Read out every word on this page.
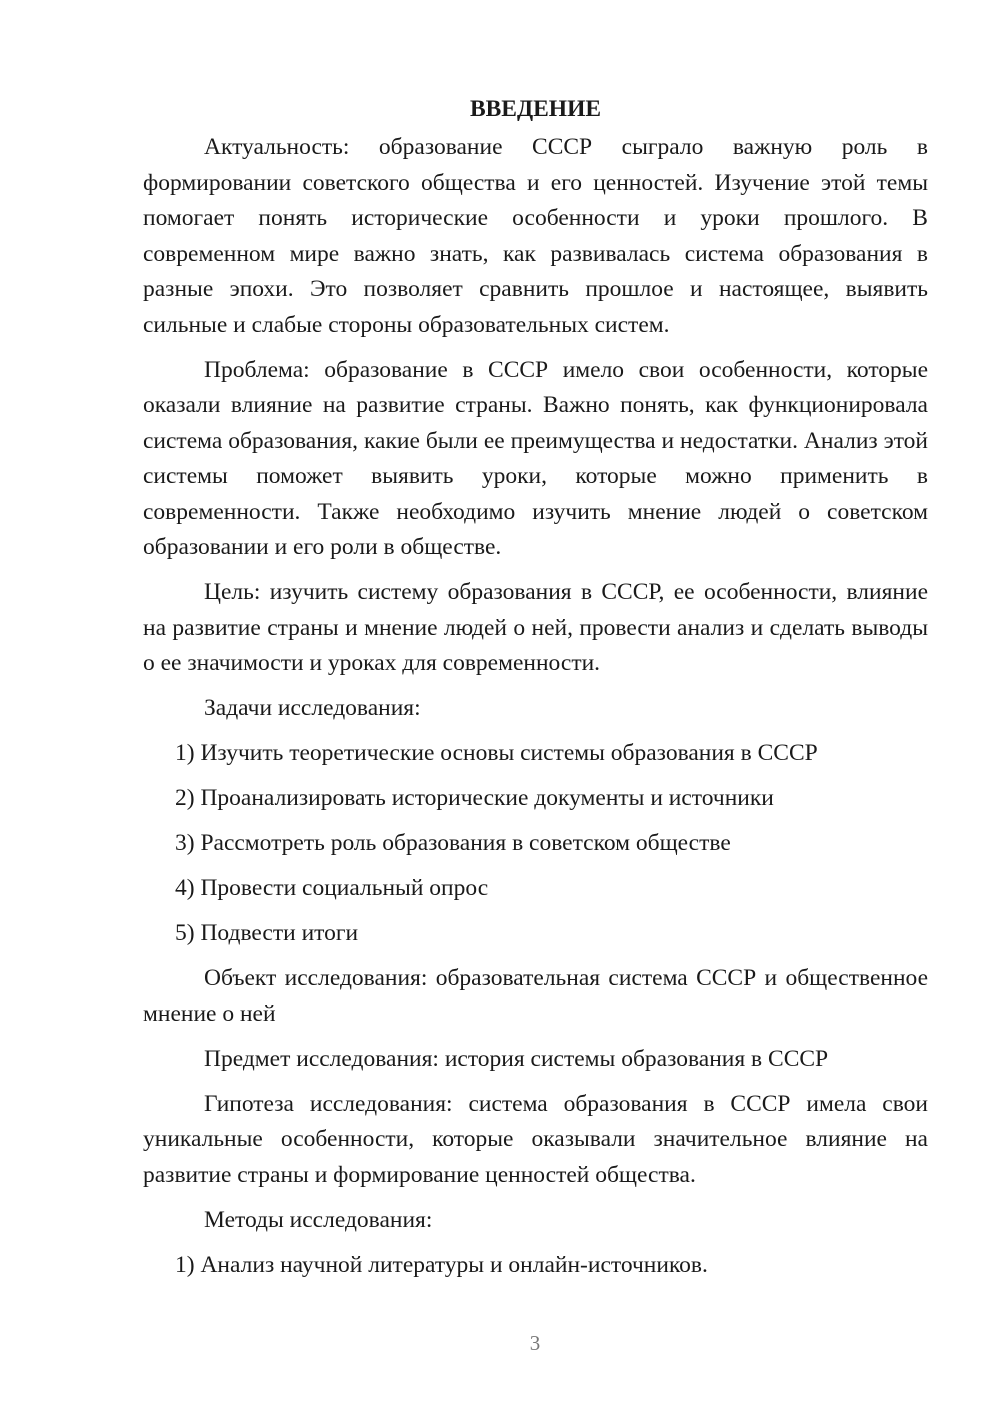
ВВЕДЕНИЕ
Актуальность: образование СССР сыграло важную роль в формировании советского общества и его ценностей. Изучение этой темы помогает понять исторические особенности и уроки прошлого. В современном мире важно знать, как развивалась система образования в разные эпохи. Это позволяет сравнить прошлое и настоящее, выявить сильные и слабые стороны образовательных систем.
Проблема: образование в СССР имело свои особенности, которые оказали влияние на развитие страны. Важно понять, как функционировала система образования, какие были ее преимущества и недостатки. Анализ этой системы поможет выявить уроки, которые можно применить в современности. Также необходимо изучить мнение людей о советском образовании и его роли в обществе.
Цель: изучить систему образования в СССР, ее особенности, влияние на развитие страны и мнение людей о ней, провести анализ и сделать выводы о ее значимости и уроках для современности.
Задачи исследования:
1) Изучить теоретические основы системы образования в СССР
2) Проанализировать исторические документы и источники
3) Рассмотреть роль образования в советском обществе
4) Провести социальный опрос
5) Подвести итоги
Объект исследования: образовательная система СССР и общественное мнение о ней
Предмет исследования: история системы образования в СССР
Гипотеза исследования: система образования в СССР имела свои уникальные особенности, которые оказывали значительное влияние на развитие страны и формирование ценностей общества.
Методы исследования:
1) Анализ научной литературы и онлайн-источников.
3
